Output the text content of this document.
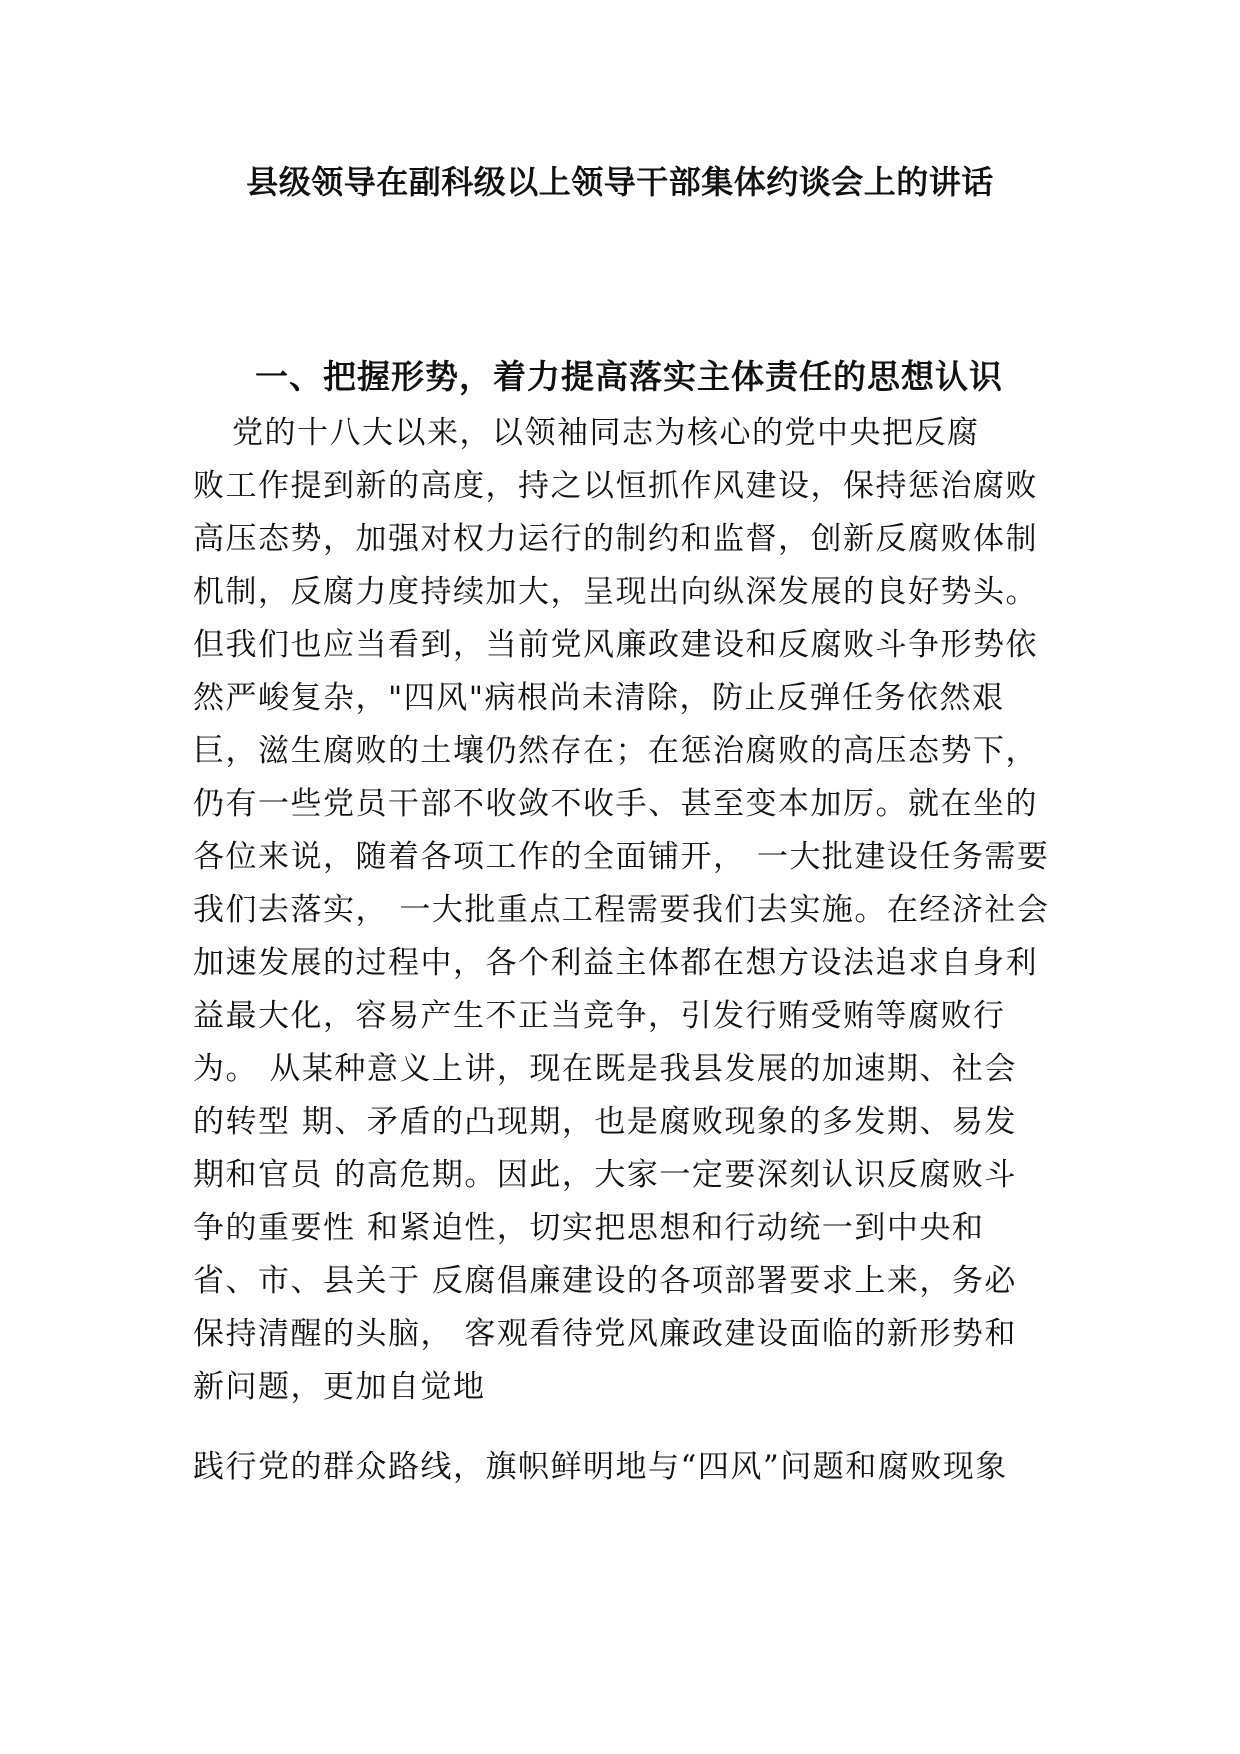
县级领导在副科级以上领导干部集体约谈会上的讲话
一、把握形势，着力提高落实主体责任的思想认识
党的十八大以来，以领袖同志为核心的党中央把反腐
败工作提到新的高度，持之以恒抓作风建设，保持惩治腐败
高压态势，加强对权力运行的制约和监督，创新反腐败体制
机制，反腐力度持续加大，呈现出向纵深发展的良好势头。
但我们也应当看到，当前党风廉政建设和反腐败斗争形势依
然严峻复杂，"四风"病根尚未清除，防止反弹任务依然艰
巨，滋生腐败的土壤仍然存在；在惩治腐败的高压态势下，
仍有一些党员干部不收敛不收手、甚至变本加厉。就在坐的
各位来说，随着各项工作的全面铺开， 一大批建设任务需要
我们去落实， 一大批重点工程需要我们去实施。在经济社会
加速发展的过程中，各个利益主体都在想方设法追求自身利
益最大化，容易产生不正当竞争，引发行贿受贿等腐败行
为。 从某种意义上讲，现在既是我县发展的加速期、社会
的转型 期、矛盾的凸现期，也是腐败现象的多发期、易发
期和官员 的高危期。因此，大家一定要深刻认识反腐败斗
争的重要性 和紧迫性，切实把思想和行动统一到中央和
省、市、县关于 反腐倡廉建设的各项部署要求上来，务必
保持清醒的头脑， 客观看待党风廉政建设面临的新形势和
新问题，更加自觉地
践行党的群众路线，旗帜鲜明地与“四风”问题和腐败现象
